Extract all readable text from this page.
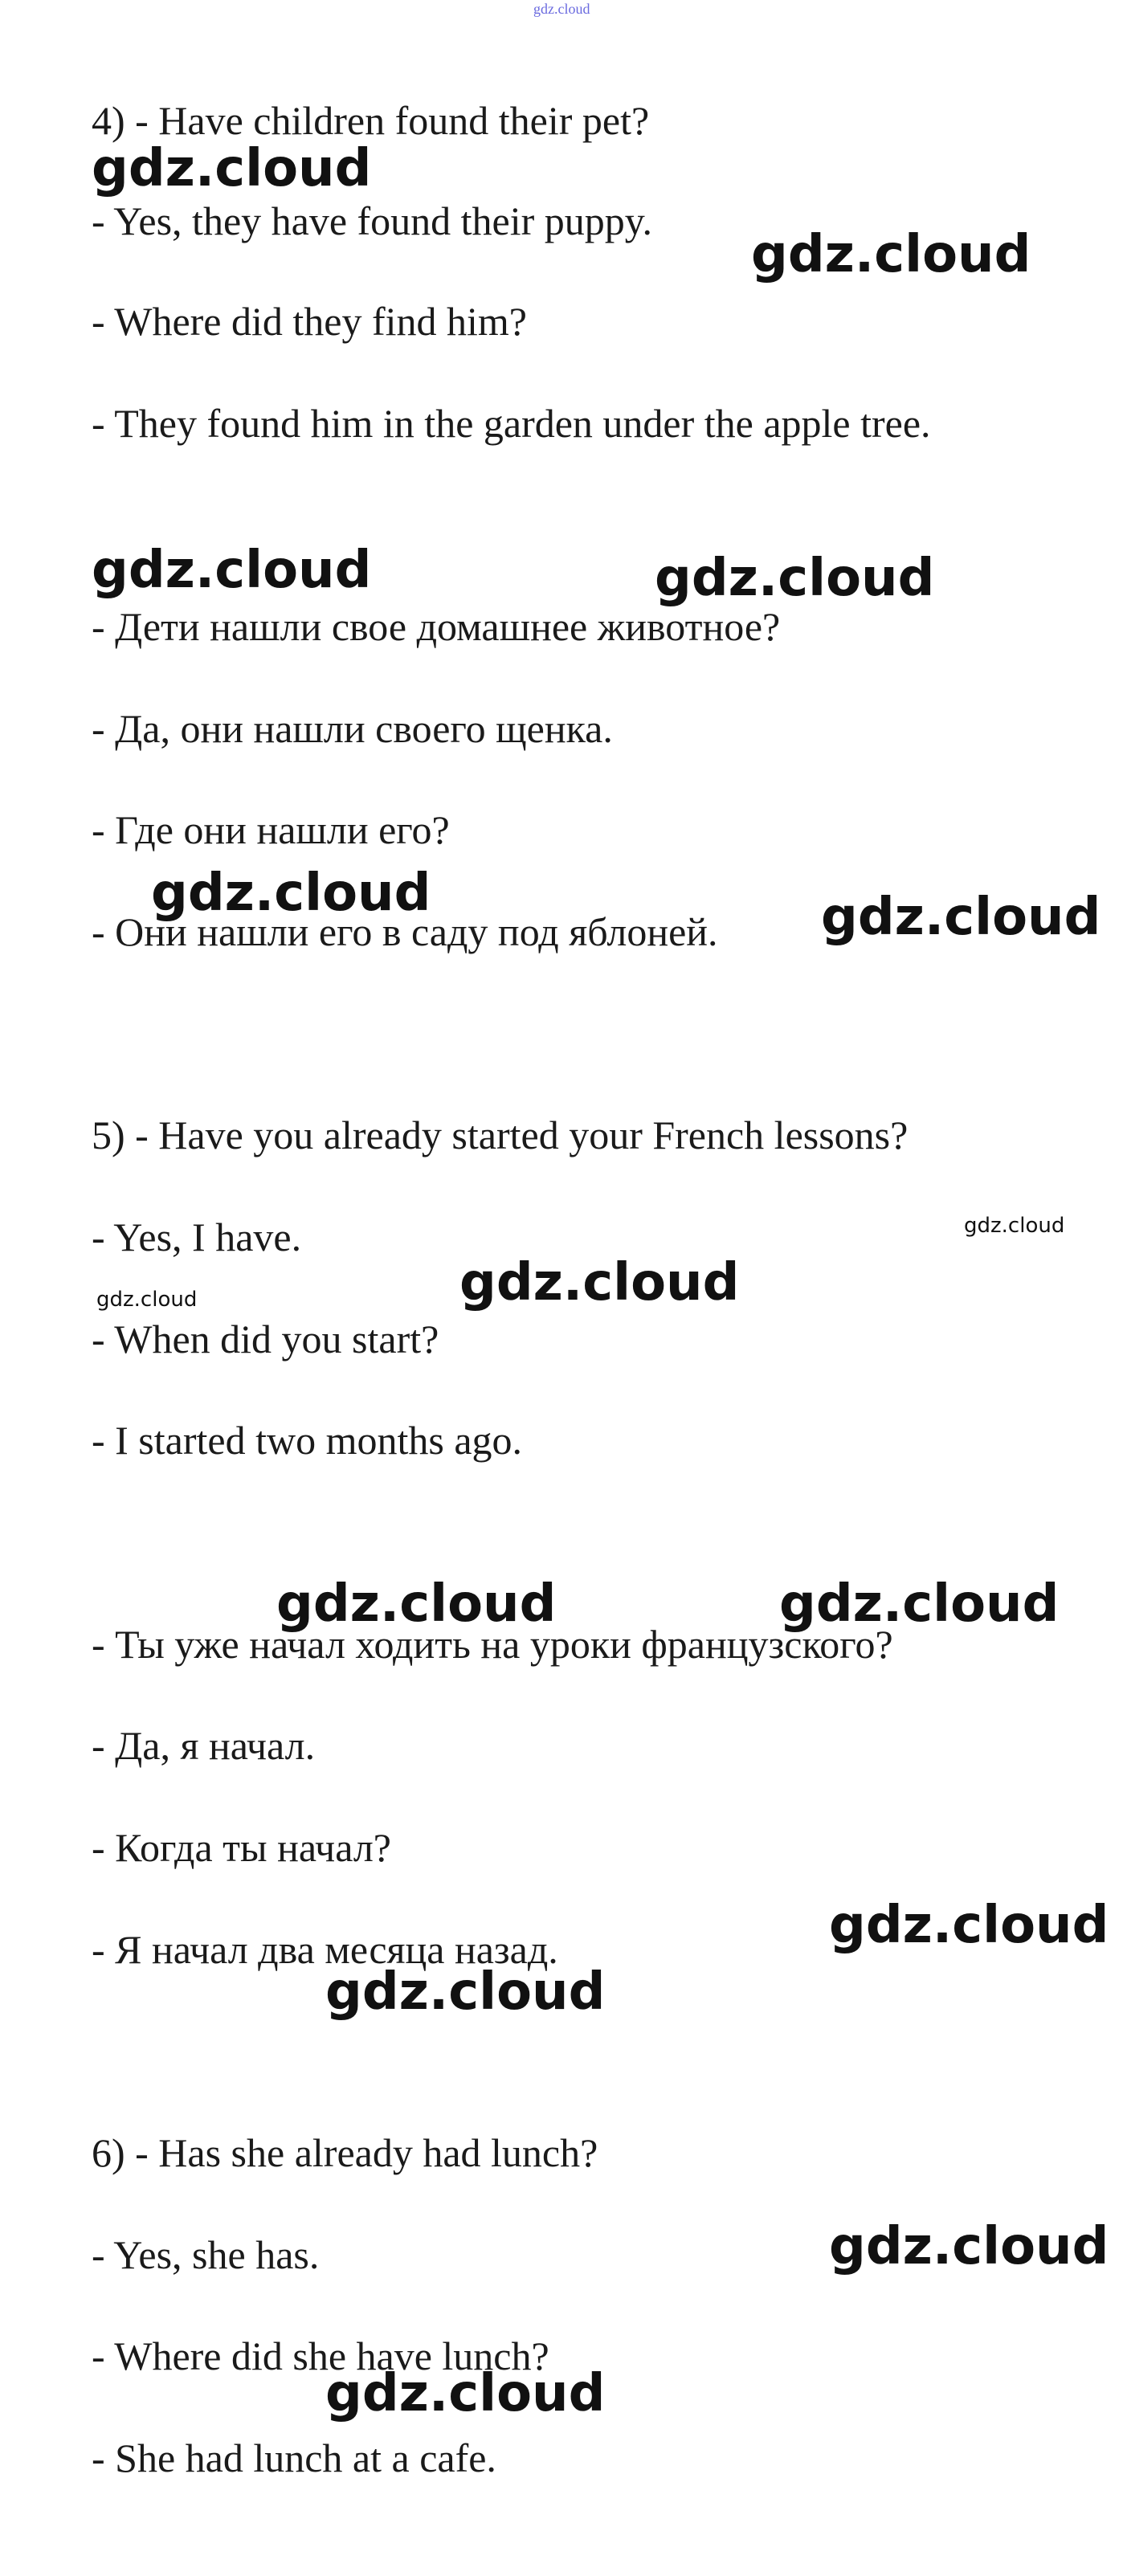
gdz.cloud
4) - Have children found their pet?
- Yes, they have found their puppy.
- Where did they find him?
- They found him in the garden under the apple tree.
- Дети нашли свое домашнее животное?
- Да, они нашли своего щенка.
- Где они нашли его?
- Они нашли его в саду под яблоней.
5) - Have you already started your French lessons?
- Yes, I have.
- When did you start?
- I started two months ago.
- Ты уже начал ходить на уроки французского?
- Да, я начал.
- Когда ты начал?
- Я начал два месяца назад.
6) - Has she already had lunch?
- Yes, she has.
- Where did she have lunch?
- She had lunch at a cafe.
gdz.cloud
gdz.cloud
gdz.cloud	gdz.cloud
gdz.cloud	gdz.cloud
gdz.cloud
gdz.cloud
gdz.cloud
gdz.cloud	gdz.cloud
gdz.cloud
gdz.cloud
gdz.cloud
gdz.cloud
